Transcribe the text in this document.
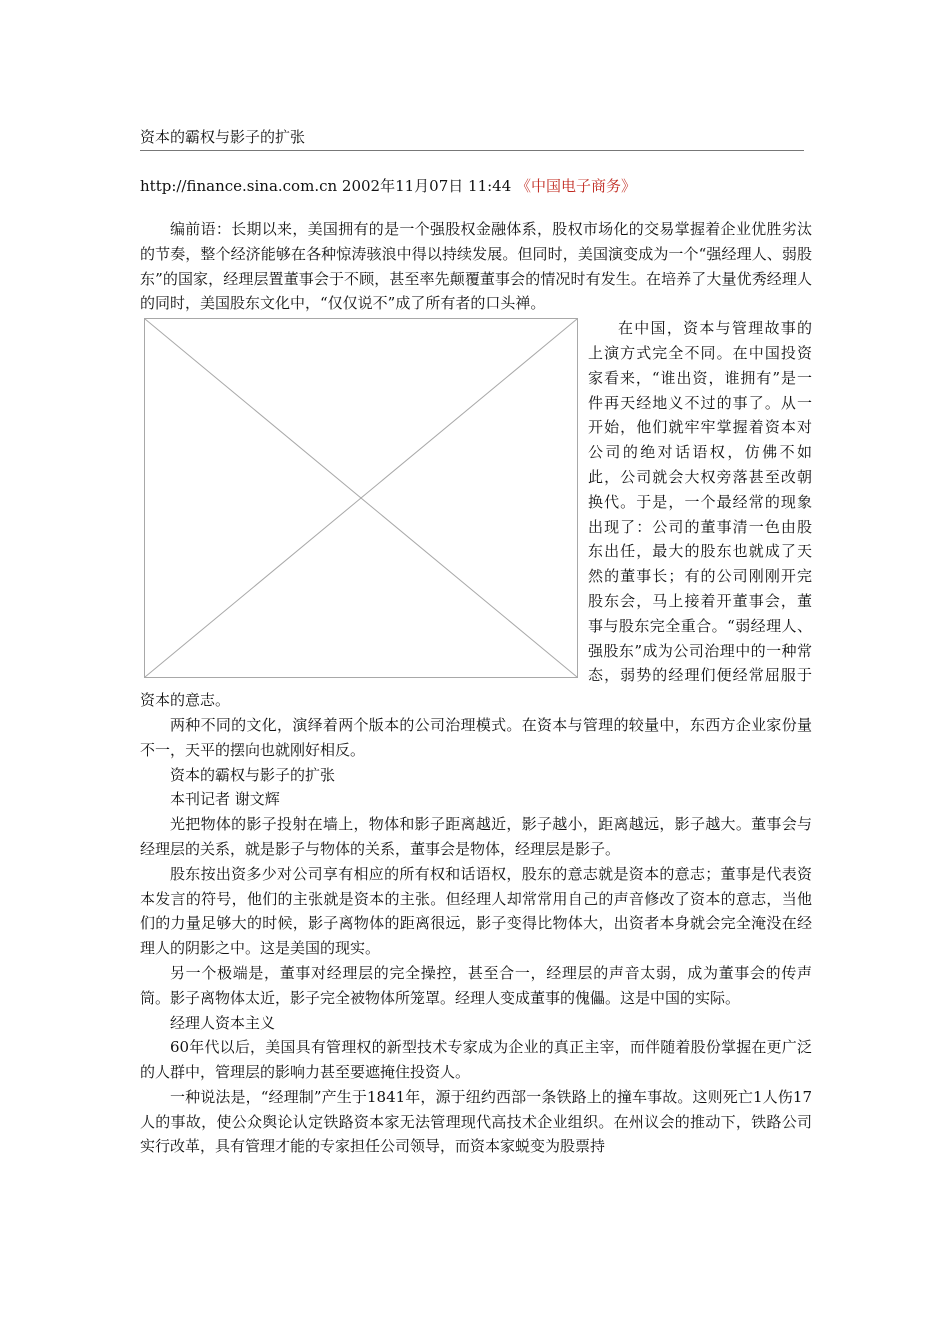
资本的霸权与影子的扩张
http://finance.sina.com.cn 2002年11月07日 11:44 《中国电子商务》

编前语：长期以来，美国拥有的是一个强股权金融体系，股权市场化的交易掌握着企业优胜劣汰的节奏，整个经济能够在各种惊涛骇浪中得以持续发展。但同时，美国演变成为一个“强经理人、弱股东”的国家，经理层置董事会于不顾，甚至率先颠覆董事会的情况时有发生。在培养了大量优秀经理人的同时，美国股东文化中，“仅仅说不”成了所有者的口头禅。

在中国，资本与管理故事的上演方式完全不同。在中国投资家看来，“谁出资，谁拥有”是一件再天经地义不过的事了。从一开始，他们就牢牢掌握着资本对公司的绝对话语权，仿佛不如此，公司就会大权旁落甚至改朝换代。于是，一个最经常的现象出现了：公司的董事清一色由股东出任，最大的股东也就成了天然的董事长；有的公司刚刚开完股东会，马上接着开董事会，董事与股东完全重合。“弱经理人、强股东”成为公司治理中的一种常态，弱势的经理们便经常屈服于资本的意志。

两种不同的文化，演绎着两个版本的公司治理模式。在资本与管理的较量中，东西方企业家份量不一，天平的摆向也就刚好相反。

资本的霸权与影子的扩张

本刊记者 谢文辉

光把物体的影子投射在墙上，物体和影子距离越近，影子越小，距离越远，影子越大。董事会与经理层的关系，就是影子与物体的关系，董事会是物体，经理层是影子。

股东按出资多少对公司享有相应的所有权和话语权，股东的意志就是资本的意志；董事是代表资本发言的符号，他们的主张就是资本的主张。但经理人却常常用自己的声音修改了资本的意志，当他们的力量足够大的时候，影子离物体的距离很远，影子变得比物体大，出资者本身就会完全淹没在经理人的阴影之中。这是美国的现实。

另一个极端是，董事对经理层的完全操控，甚至合一，经理层的声音太弱，成为董事会的传声筒。影子离物体太近，影子完全被物体所笼罩。经理人变成董事的傀儡。这是中国的实际。

经理人资本主义

60年代以后，美国具有管理权的新型技术专家成为企业的真正主宰，而伴随着股份掌握在更广泛的人群中，管理层的影响力甚至要遮掩住投资人。

一种说法是，“经理制”产生于1841年，源于纽约西部一条铁路上的撞车事故。这则死亡1人伤17人的事故，使公众舆论认定铁路资本家无法管理现代高技术企业组织。在州议会的推动下，铁路公司实行改革，具有管理才能的专家担任公司领导，而资本家蜕变为股票持
